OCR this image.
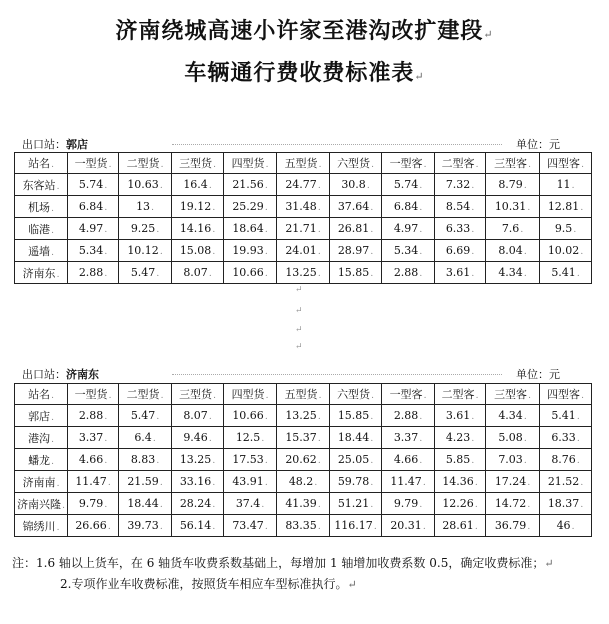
济南绕城高速小许家至港沟改扩建段↵
车辆通行费收费标准表↵
出口站：郭店	单位：元
站名.	一型货.	二型货.	三型货.	四型货.	五型货.	六型货.	一型客.	二型客.	三型客.	四型客.
东客站.	5.74.	10.63.	16.4.	21.56.	24.77.	30.8.	5.74.	7.32.	8.79.	11.
机场.	6.84.	13.	19.12.	25.29.	31.48.	37.64.	6.84.	8.54.	10.31.	12.81.
临港.	4.97.	9.25.	14.16.	18.64.	21.71.	26.81.	4.97.	6.33.	7.6.	9.5.
遥墙.	5.34.	10.12.	15.08.	19.93.	24.01.	28.97.	5.34.	6.69.	8.04.	10.02.
济南东.	2.88.	5.47.	8.07.	10.66.	13.25.	15.85.	2.88.	3.61.	4.34.	5.41.
↵
↵
↵
↵
出口站：济南东	单位：元
站名.	一型货.	二型货.	三型货.	四型货.	五型货.	六型货.	一型客.	二型客.	三型客.	四型客.
郭店.	2.88.	5.47.	8.07.	10.66.	13.25.	15.85.	2.88.	3.61.	4.34.	5.41.
港沟.	3.37.	6.4.	9.46.	12.5.	15.37.	18.44.	3.37.	4.23.	5.08.	6.33.
蟠龙.	4.66.	8.83.	13.25.	17.53.	20.62.	25.05.	4.66.	5.85.	7.03.	8.76.
济南南.	11.47.	21.59.	33.16.	43.91.	48.2.	59.78.	11.47.	14.36.	17.24.	21.52.
济南兴隆.	9.79.	18.44.	28.24.	37.4.	41.39.	51.21.	9.79.	12.26.	14.72.	18.37.
锦绣川.	26.66.	39.73.	56.14.	73.47.	83.35.	116.17.	20.31.	28.61.	36.79.	46.
注：1.6 轴以上货车，在 6 轴货车收费系数基础上，每增加 1 轴增加收费系数 0.5，确定收费标准；↵
2.专项作业车收费标准，按照货车相应车型标准执行。↵
